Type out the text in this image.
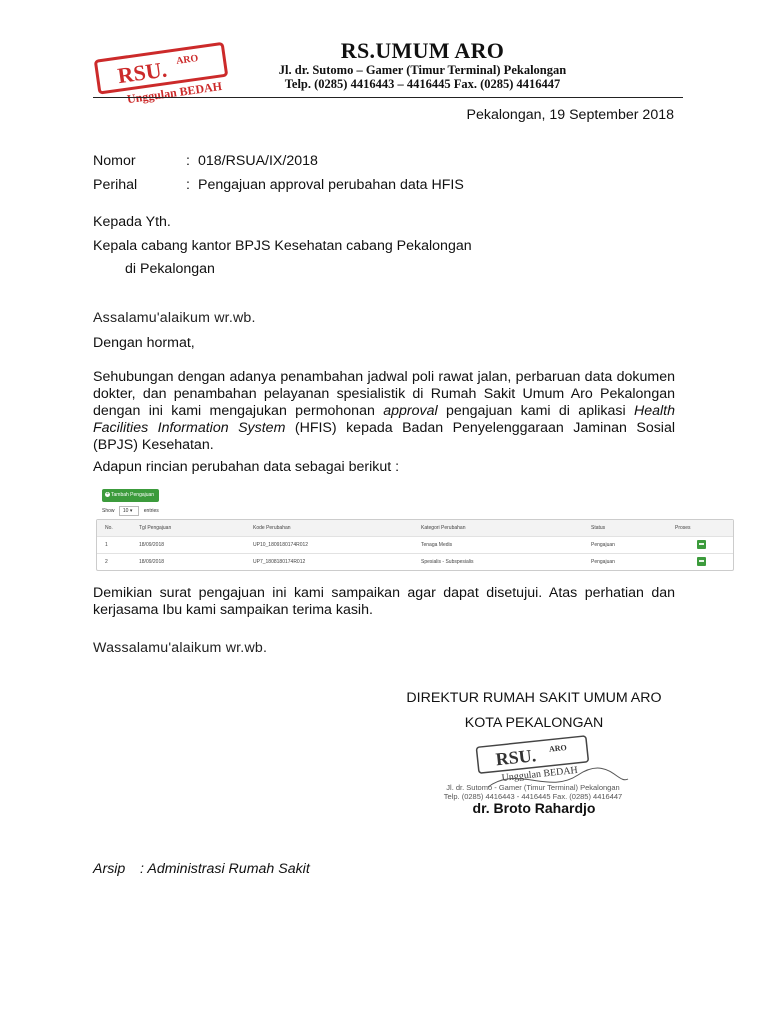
RSU. ARO
Unggulan BEDAH
RS.UMUM ARO
Jl. dr. Sutomo – Gamer (Timur Terminal) Pekalongan
Telp. (0285) 4416443 – 4416445 Fax. (0285) 4416447
Pekalongan, 19 September 2018
Nomor	: 018/RSUA/IX/2018
Perihal	: Pengajuan approval perubahan data HFIS
Kepada Yth.
Kepala cabang kantor BPJS Kesehatan cabang Pekalongan
di Pekalongan
Assalamu'alaikum wr.wb.
Dengan hormat,
Sehubungan dengan adanya penambahan jadwal poli rawat jalan, perbaruan data dokumen dokter, dan penambahan pelayanan spesialistik di Rumah Sakit Umum Aro Pekalongan dengan ini kami mengajukan permohonan approval pengajuan kami di aplikasi Health Facilities Information System (HFIS) kepada Badan Penyelenggaraan Jaminan Sosial (BPJS) Kesehatan.
Adapun rincian perubahan data sebagai berikut :
+ Tambah Pengajuan
Show 10 ▾ entries
No.	Tgl Pengajuan	Kode Perubahan	Kategori Perubahan	Status	Proses
1	18/09/2018	UP10_1809180174R012	Tenaga Medis	Pengajuan
2	18/09/2018	UP7_1808180174R012	Spesialis - Subspesialis	Pengajuan
Demikian surat pengajuan ini kami sampaikan agar dapat disetujui. Atas perhatian dan kerjasama Ibu kami sampaikan terima kasih.
Wassalamu'alaikum wr.wb.
DIREKTUR RUMAH SAKIT UMUM ARO
KOTA PEKALONGAN
RSU. ARO
Unggulan BEDAH
Jl. dr. Sutomo - Gamer (Timur Terminal) Pekalongan
Telp. (0285) 4416443 - 4416445 Fax. (0285) 4416447
dr. Broto Rahardjo
Arsip : Administrasi Rumah Sakit
